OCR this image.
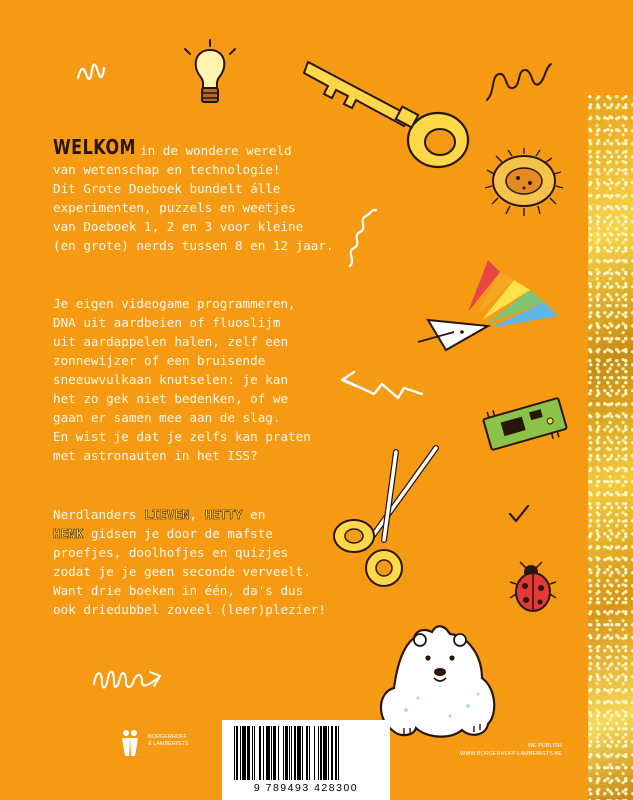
WELKOM in de wondere wereld
van wetenschap en technologie!
Dit Grote Doeboek bundelt álle
experimenten, puzzels en weetjes
van Doeboek 1, 2 en 3 voor kleine
(en grote) nerds tussen 8 en 12 jaar.
Je eigen videogame programmeren,
DNA uit aardbeien of fluoslijm
uit aardappelen halen, zelf een
zonnewijzer of een bruisende
sneeuwvulkaan knutselen: je kan
het zo gek niet bedenken, of we
gaan er samen mee aan de slag.
En wist je dat je zelfs kan praten
met astronauten in het ISS?
Nerdlanders LIEVEN, HETTY en
HENK gidsen je door de mafste
proefjes, doolhofjes en quizjes
zodat je je geen seconde verveelt.
Want drie boeken in één, da's dus
ook driedubbel zoveel (leer)plezier!
BORGERHOFF
& LAMBERIGTS
9 789493 428300
WE PUBLISH
WWW.BORGERHOFF-LAMBERIGTS.BE
